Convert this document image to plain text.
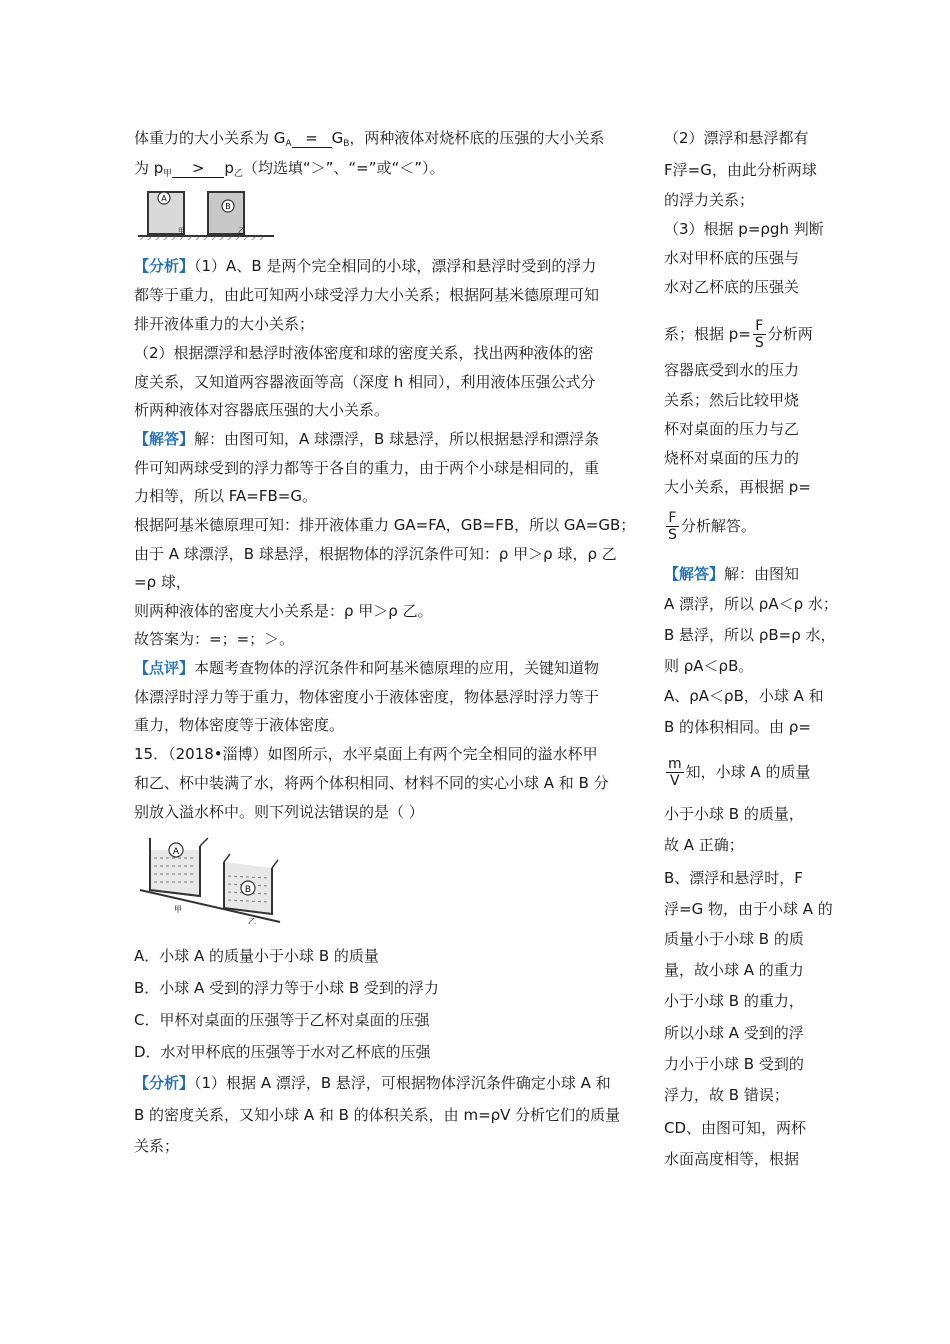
体重力的大小关系为 $G_A = G_B$，两种液体对烧杯底的压强的大小关系
为 $p_甲 > p_乙$（均选填“＞”、“=”或“＜”）。
A
B
甲	乙
【分析】（1）A、B 是两个完全相同的小球，漂浮和悬浮时受到的浮力
都等于重力，由此可知两小球受浮力大小关系；根据阿基米德原理可知
排开液体重力的大小关系；
（2）根据漂浮和悬浮时液体密度和球的密度关系，找出两种液体的密
度关系，又知道两容器液面等高（深度 h 相同），利用液体压强公式分
析两种液体对容器底压强的大小关系。
【解答】解：由图可知，A 球漂浮，B 球悬浮，所以根据悬浮和漂浮条
件可知两球受到的浮力都等于各自的重力，由于两个小球是相同的，重
力相等，所以 FA=FB=G。
根据阿基米德原理可知：排开液体重力 GA=FA，GB=FB，所以 GA=GB；
由于 A 球漂浮，B 球悬浮，根据物体的浮沉条件可知：ρ 甲＞ρ 球，ρ 乙
=ρ 球，
则两种液体的密度大小关系是：ρ 甲＞ρ 乙。
故答案为：=；=；＞。
【点评】本题考查物体的浮沉条件和阿基米德原理的应用，关键知道物
体漂浮时浮力等于重力，物体密度小于液体密度，物体悬浮时浮力等于
重力，物体密度等于液体密度。
15．（2018•淄博）如图所示，水平桌面上有两个完全相同的溢水杯甲
和乙、杯中装满了水，将两个体积相同、材料不同的实心小球 A 和 B 分
别放入溢水杯中。则下列说法错误的是（ ）
A
B
甲
乙
A．小球 A 的质量小于小球 B 的质量
B．小球 A 受到的浮力等于小球 B 受到的浮力
C．甲杯对桌面的压强等于乙杯对桌面的压强
D．水对甲杯底的压强等于水对乙杯底的压强
【分析】（1）根据 A 漂浮，B 悬浮，可根据物体浮沉条件确定小球 A 和
B 的密度关系，又知小球 A 和 B 的体积关系，由 m=ρV 分析它们的质量
关系；
（2）漂浮和悬浮都有
F浮=G，由此分析两球
的浮力关系；
（3）根据 p=ρgh 判断
水对甲杯底的压强与
水对乙杯底的压强关
系；根据 $p= \frac{F}{S}$ 分析两
容器底受到水的压力
关系；然后比较甲烧
杯对桌面的压力与乙
烧杯对桌面的压力的
大小关系，再根据 p=
$\frac{F}{S}$ 分析解答。
【解答】解：由图知
A 漂浮，所以 ρA＜ρ 水；
B 悬浮，所以 ρB=ρ 水，
则 ρA＜ρB。
A、ρA＜ρB，小球 A 和
B 的体积相同。由 ρ=
$\frac{m}{V}$ 知，小球 A 的质量
小于小球 B 的质量，
故 A 正确；
B、漂浮和悬浮时，F
浮=G 物，由于小球 A 的
质量小于小球 B 的质
量，故小球 A 的重力
小于小球 B 的重力，
所以小球 A 受到的浮
力小于小球 B 受到的
浮力，故 B 错误；
CD、由图可知，两杯
水面高度相等，根据
